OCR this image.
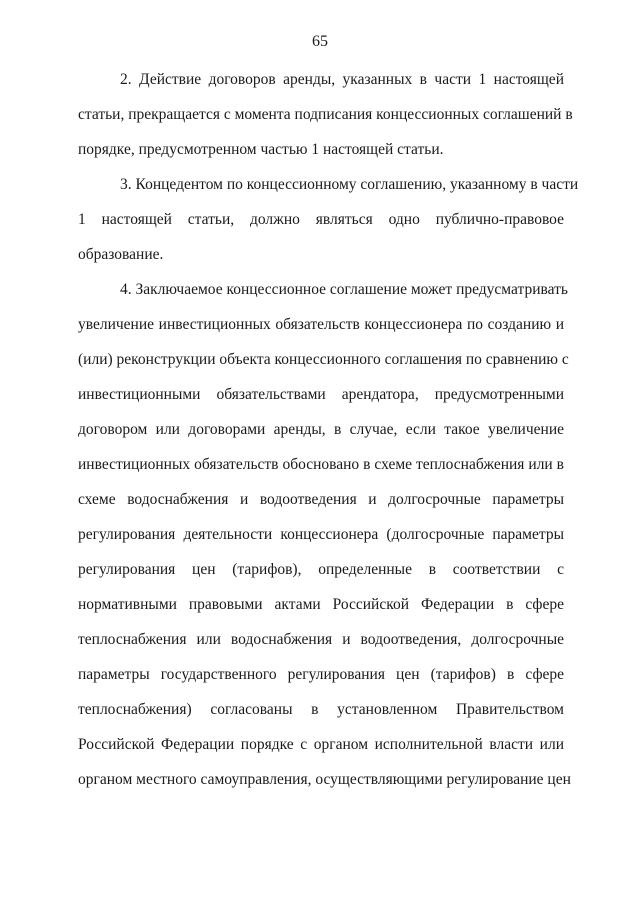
65
2. Действие договоров аренды, указанных в части 1 настоящей
статьи, прекращается с момента подписания концессионных соглашений в
порядке, предусмотренном частью 1 настоящей статьи.
3. Концедентом по концессионному соглашению, указанному в части
1 настоящей статьи, должно являться одно публично-правовое
образование.
4. Заключаемое концессионное соглашение может предусматривать
увеличение инвестиционных обязательств концессионера по созданию и
(или) реконструкции объекта концессионного соглашения по сравнению с
инвестиционными обязательствами арендатора, предусмотренными
договором или договорами аренды, в случае, если такое увеличение
инвестиционных обязательств обосновано в схеме теплоснабжения или в
схеме водоснабжения и водоотведения и долгосрочные параметры
регулирования деятельности концессионера (долгосрочные параметры
регулирования цен (тарифов), определенные в соответствии с
нормативными правовыми актами Российской Федерации в сфере
теплоснабжения или водоснабжения и водоотведения, долгосрочные
параметры государственного регулирования цен (тарифов) в сфере
теплоснабжения) согласованы в установленном Правительством
Российской Федерации порядке с органом исполнительной власти или
органом местного самоуправления, осуществляющими регулирование цен
